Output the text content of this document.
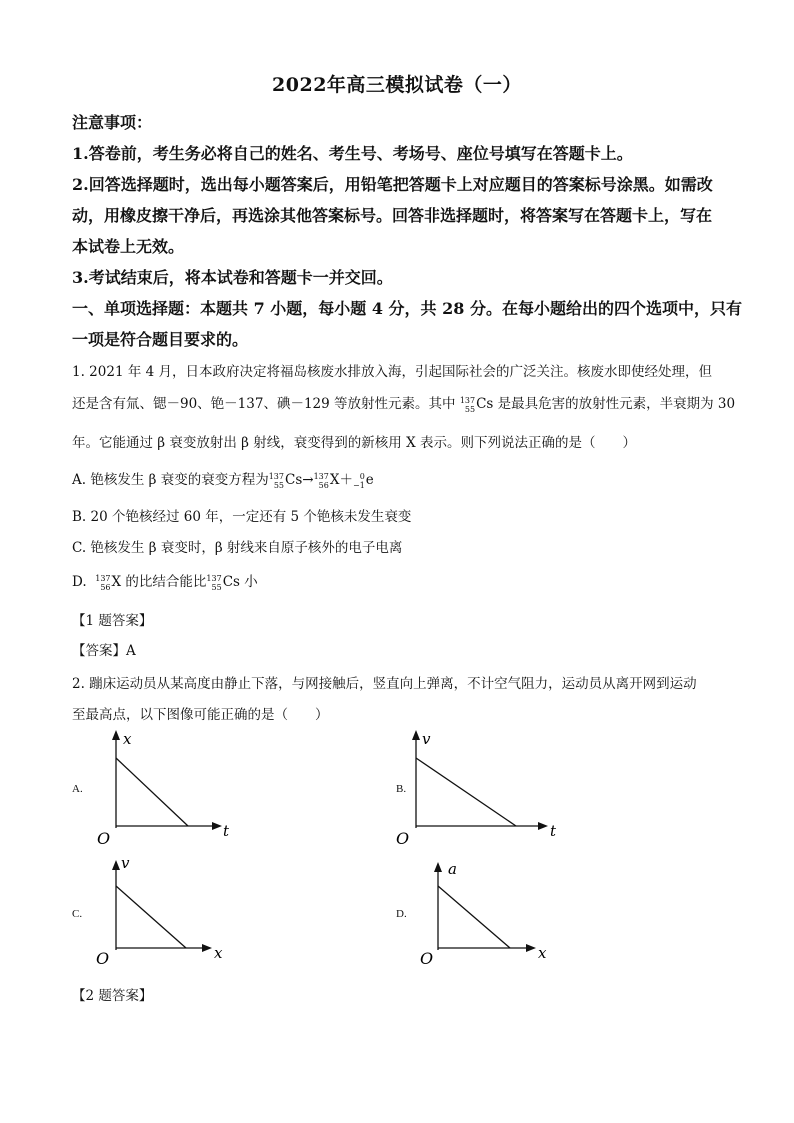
2022年高三模拟试卷（一）
注意事项：
1.答卷前，考生务必将自己的姓名、考生号、考场号、座位号填写在答题卡上。
2.回答选择题时，选出每小题答案后，用铅笔把答题卡上对应题目的答案标号涂黑。如需改
动，用橡皮擦干净后，再选涂其他答案标号。回答非选择题时，将答案写在答题卡上，写在
本试卷上无效。
3.考试结束后，将本试卷和答题卡一并交回。
一、单项选择题：本题共 7 小题，每小题 4 分，共 28 分。在每小题给出的四个选项中，只有
一项是符合题目要求的。
1. 2021 年 4 月，日本政府决定将福岛核废水排放入海，引起国际社会的广泛关注。核废水即使经处理，但
还是含有氚、锶－90、铯－137、碘－129 等放射性元素。其中 137
55 Cs 是最具危害的放射性元素，半衰期为 30
年。它能通过 β 衰变放射出 β 射线，衰变得到的新核用 X 表示。则下列说法正确的是（　　）
A. 铯核发生 β 衰变的衰变方程为 137
55 Cs→ 137
56 X＋ 0
−1 e
B. 20 个铯核经过 60 年，一定还有 5 个铯核未发生衰变
C. 铯核发生 β 衰变时，β 射线来自原子核外的电子电离
D. 137
56 X 的比结合能比 137
55 Cs 小
【1 题答案】
【答案】A
2. 蹦床运动员从某高度由静止下落，与网接触后，竖直向上弹离，不计空气阻力，运动员从离开网到运动
至最高点，以下图像可能正确的是（　　）
A.
x
t
O
B.
v
t
O
C.
v
x
O
D.
a
x
O
【2 题答案】
